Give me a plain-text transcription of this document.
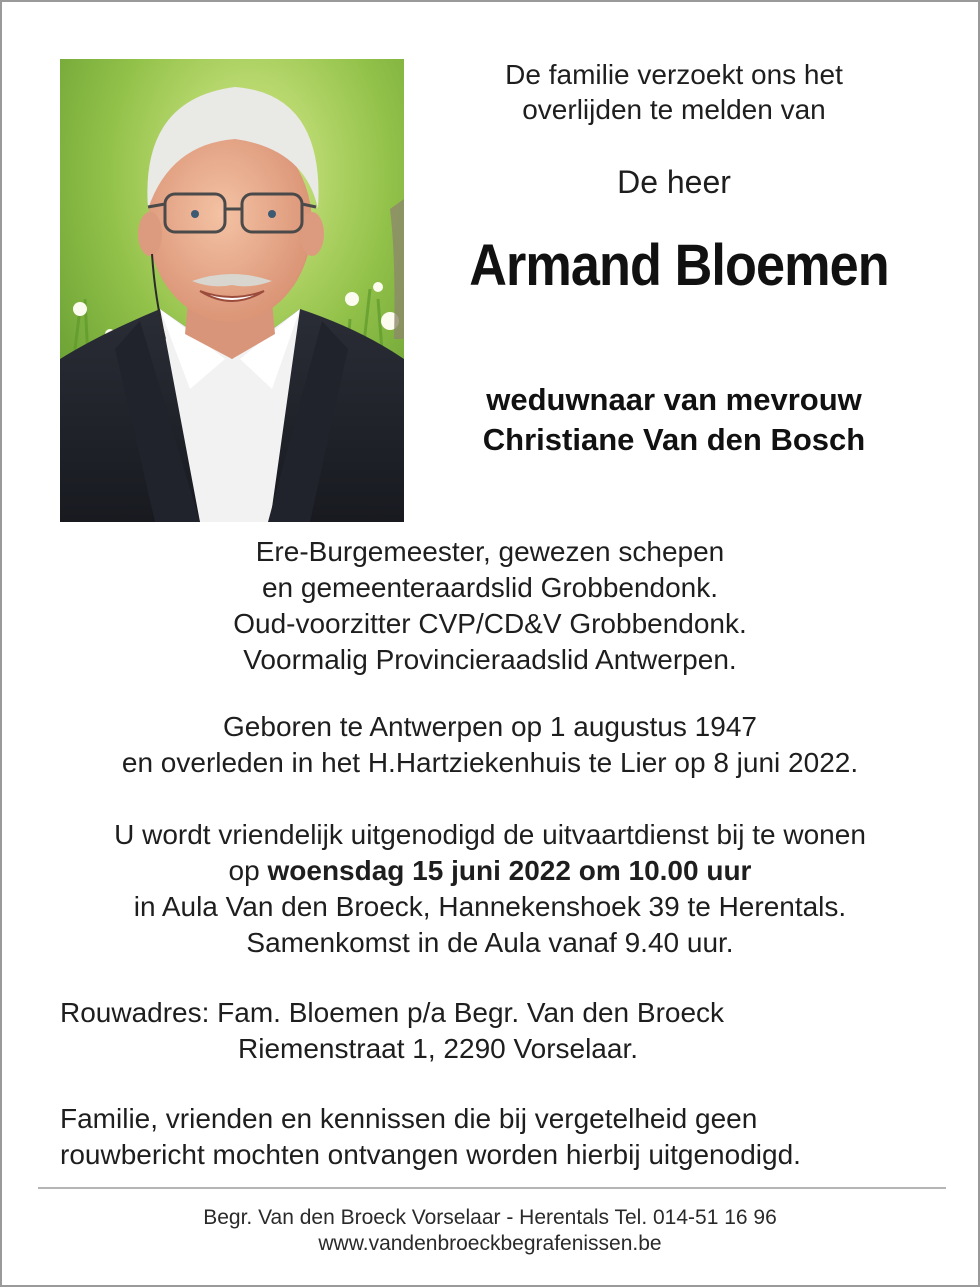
De familie verzoekt ons het
overlijden te melden van
De heer
Armand Bloemen
weduwnaar van mevrouw
Christiane Van den Bosch
Ere-Burgemeester, gewezen schepen
en gemeenteraardslid Grobbendonk.
Oud-voorzitter CVP/CD&V Grobbendonk.
Voormalig Provincieraadslid Antwerpen.
Geboren te Antwerpen op 1 augustus 1947
en overleden in het H.Hartziekenhuis te Lier op 8 juni 2022.
U wordt vriendelijk uitgenodigd de uitvaartdienst bij te wonen
op woensdag 15 juni 2022 om 10.00 uur
in Aula Van den Broeck, Hannekenshoek 39 te Herentals.
Samenkomst in de Aula vanaf 9.40 uur.
Rouwadres: Fam. Bloemen p/a Begr. Van den Broeck
Riemenstraat 1, 2290 Vorselaar.
Familie, vrienden en kennissen die bij vergetelheid geen
rouwbericht mochten ontvangen worden hierbij uitgenodigd.
Begr. Van den Broeck Vorselaar - Herentals Tel. 014-51 16 96
www.vandenbroeckbegrafenissen.be
